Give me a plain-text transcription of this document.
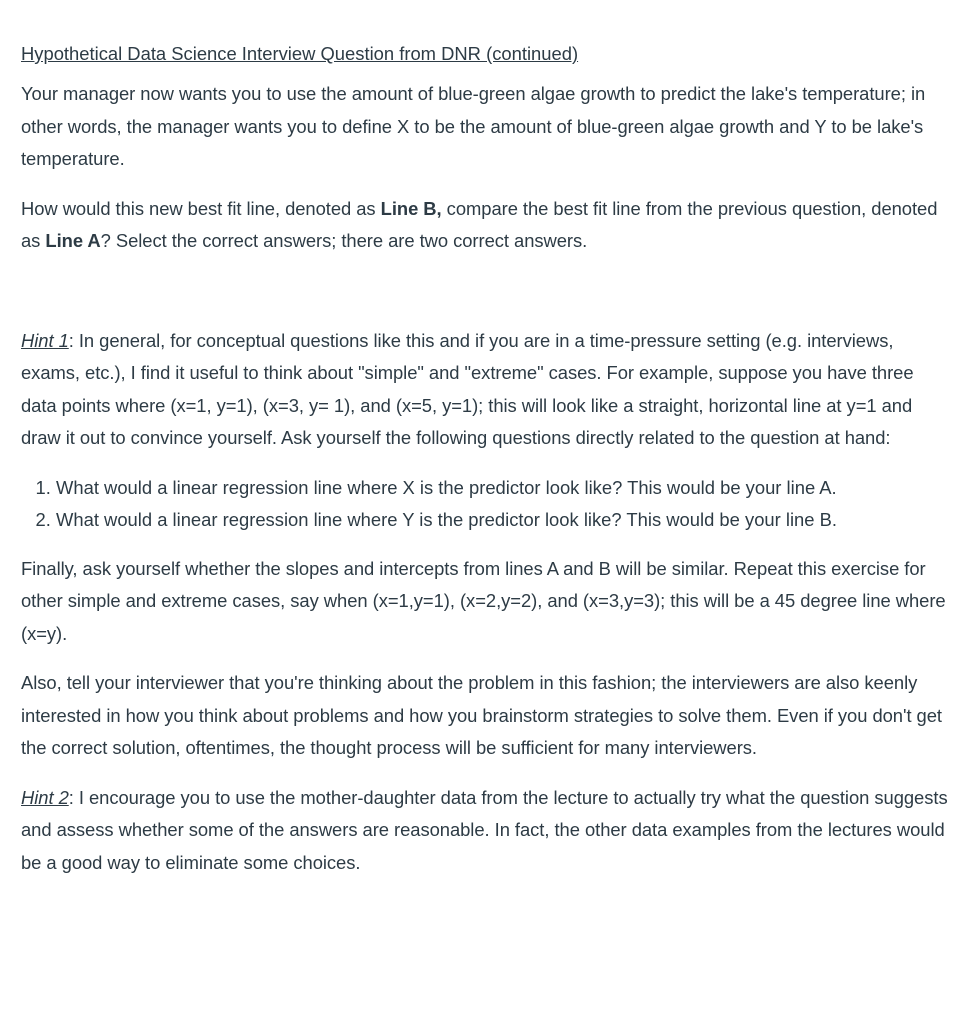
Hypothetical Data Science Interview Question from DNR (continued)

Your manager now wants you to use the amount of blue-green algae growth to predict the lake's temperature; in other words, the manager wants you to define X to be the amount of blue-green algae growth and Y to be lake's temperature.

How would this new best fit line, denoted as Line B, compare the best fit line from the previous question, denoted as Line A? Select the correct answers; there are two correct answers.

Hint 1: In general, for conceptual questions like this and if you are in a time-pressure setting (e.g. interviews, exams, etc.), I find it useful to think about "simple" and "extreme" cases. For example, suppose you have three data points where (x=1, y=1), (x=3, y= 1), and (x=5, y=1); this will look like a straight, horizontal line at y=1 and draw it out to convince yourself. Ask yourself the following questions directly related to the question at hand:

1. What would a linear regression line where X is the predictor look like? This would be your line A.
2. What would a linear regression line where Y is the predictor look like? This would be your line B.

Finally, ask yourself whether the slopes and intercepts from lines A and B will be similar. Repeat this exercise for other simple and extreme cases, say when (x=1,y=1), (x=2,y=2), and (x=3,y=3); this will be a 45 degree line where (x=y).

Also, tell your interviewer that you're thinking about the problem in this fashion; the interviewers are also keenly interested in how you think about problems and how you brainstorm strategies to solve them. Even if you don't get the correct solution, oftentimes, the thought process will be sufficient for many interviewers.

Hint 2: I encourage you to use the mother-daughter data from the lecture to actually try what the question suggests and assess whether some of the answers are reasonable. In fact, the other data examples from the lectures would be a good way to eliminate some choices.
